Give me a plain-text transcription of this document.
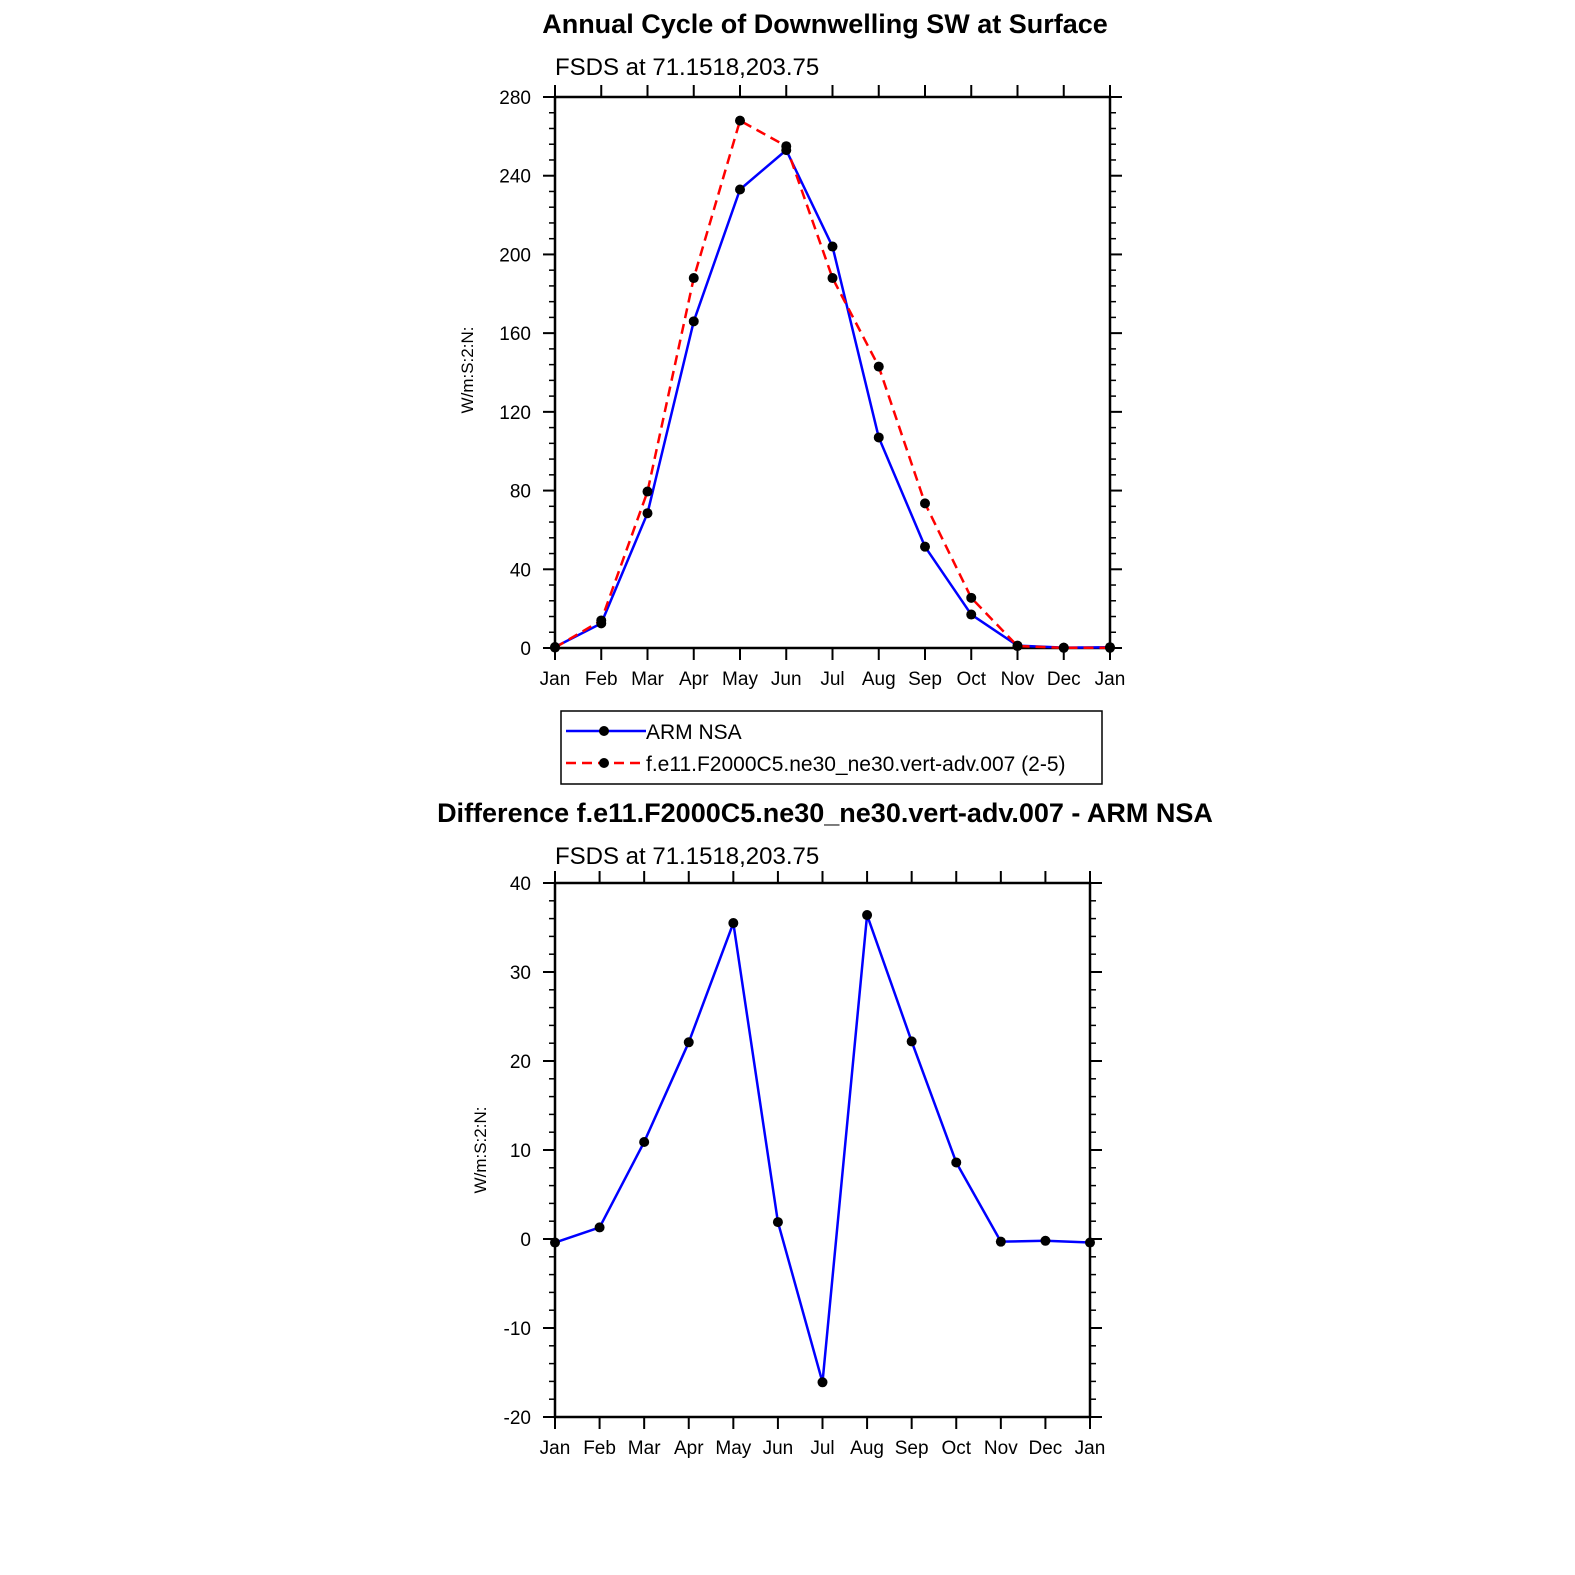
Annual Cycle of Downwelling SW at Surface
FSDS at 71.1518,203.75
W/m:S:2:N:
ARM NSA
f.e11.F2000C5.ne30_ne30.vert-adv.007 (2-5)
Difference f.e11.F2000C5.ne30_ne30.vert-adv.007 - ARM NSA
FSDS at 71.1518,203.75
W/m:S:2:N:
Jan Feb Mar Apr May Jun Jul Aug Sep Oct Nov Dec Jan
0
40
80
120
160
200
240
280
Jan Feb Mar Apr May Jun Jul Aug Sep Oct Nov Dec Jan
-20
-10
0
10
20
30
40
